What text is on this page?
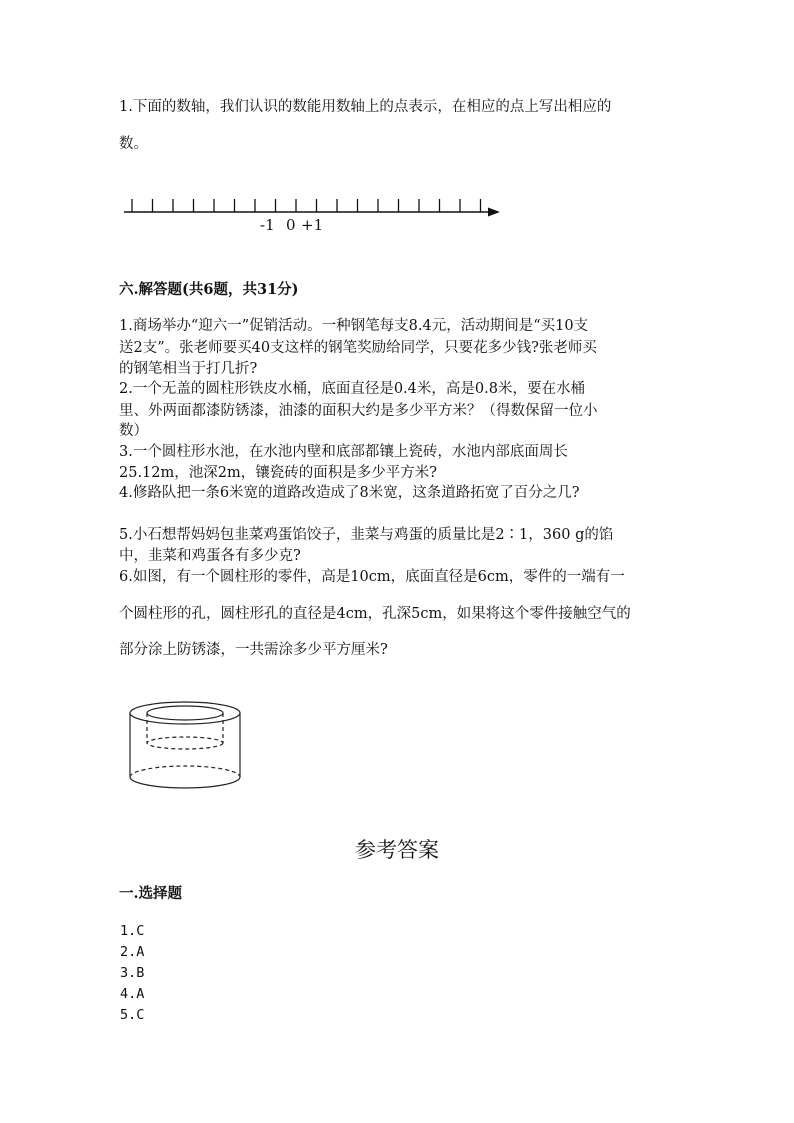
1.下面的数轴，我们认识的数能用数轴上的点表示，在相应的点上写出相应的

数。

-1 0 +1

六.解答题(共6题，共31分)

1.商场举办“迎六一”促销活动。一种钢笔每支8.4元，活动期间是“买10支

送2支”。张老师要买40支这样的钢笔奖励给同学，只要花多少钱?张老师买

的钢笔相当于打几折?

2.一个无盖的圆柱形铁皮水桶，底面直径是0.4米，高是0.8米，要在水桶

里、外两面都漆防锈漆，油漆的面积大约是多少平方米？（得数保留一位小

数）

3.一个圆柱形水池，在水池内壁和底部都镶上瓷砖，水池内部底面周长

25.12m，池深2m，镶瓷砖的面积是多少平方米?

4.修路队把一条6米宽的道路改造成了8米宽，这条道路拓宽了百分之几?

5.小石想帮妈妈包韭菜鸡蛋馅饺子，韭菜与鸡蛋的质量比是2∶1，360 g的馅

中，韭菜和鸡蛋各有多少克?

6.如图，有一个圆柱形的零件，高是10cm，底面直径是6cm，零件的一端有一

个圆柱形的孔，圆柱形孔的直径是4cm，孔深5cm，如果将这个零件接触空气的

部分涂上防锈漆，一共需涂多少平方厘米?

参考答案

一.选择题

1.C

2.A

3.B

4.A

5.C
